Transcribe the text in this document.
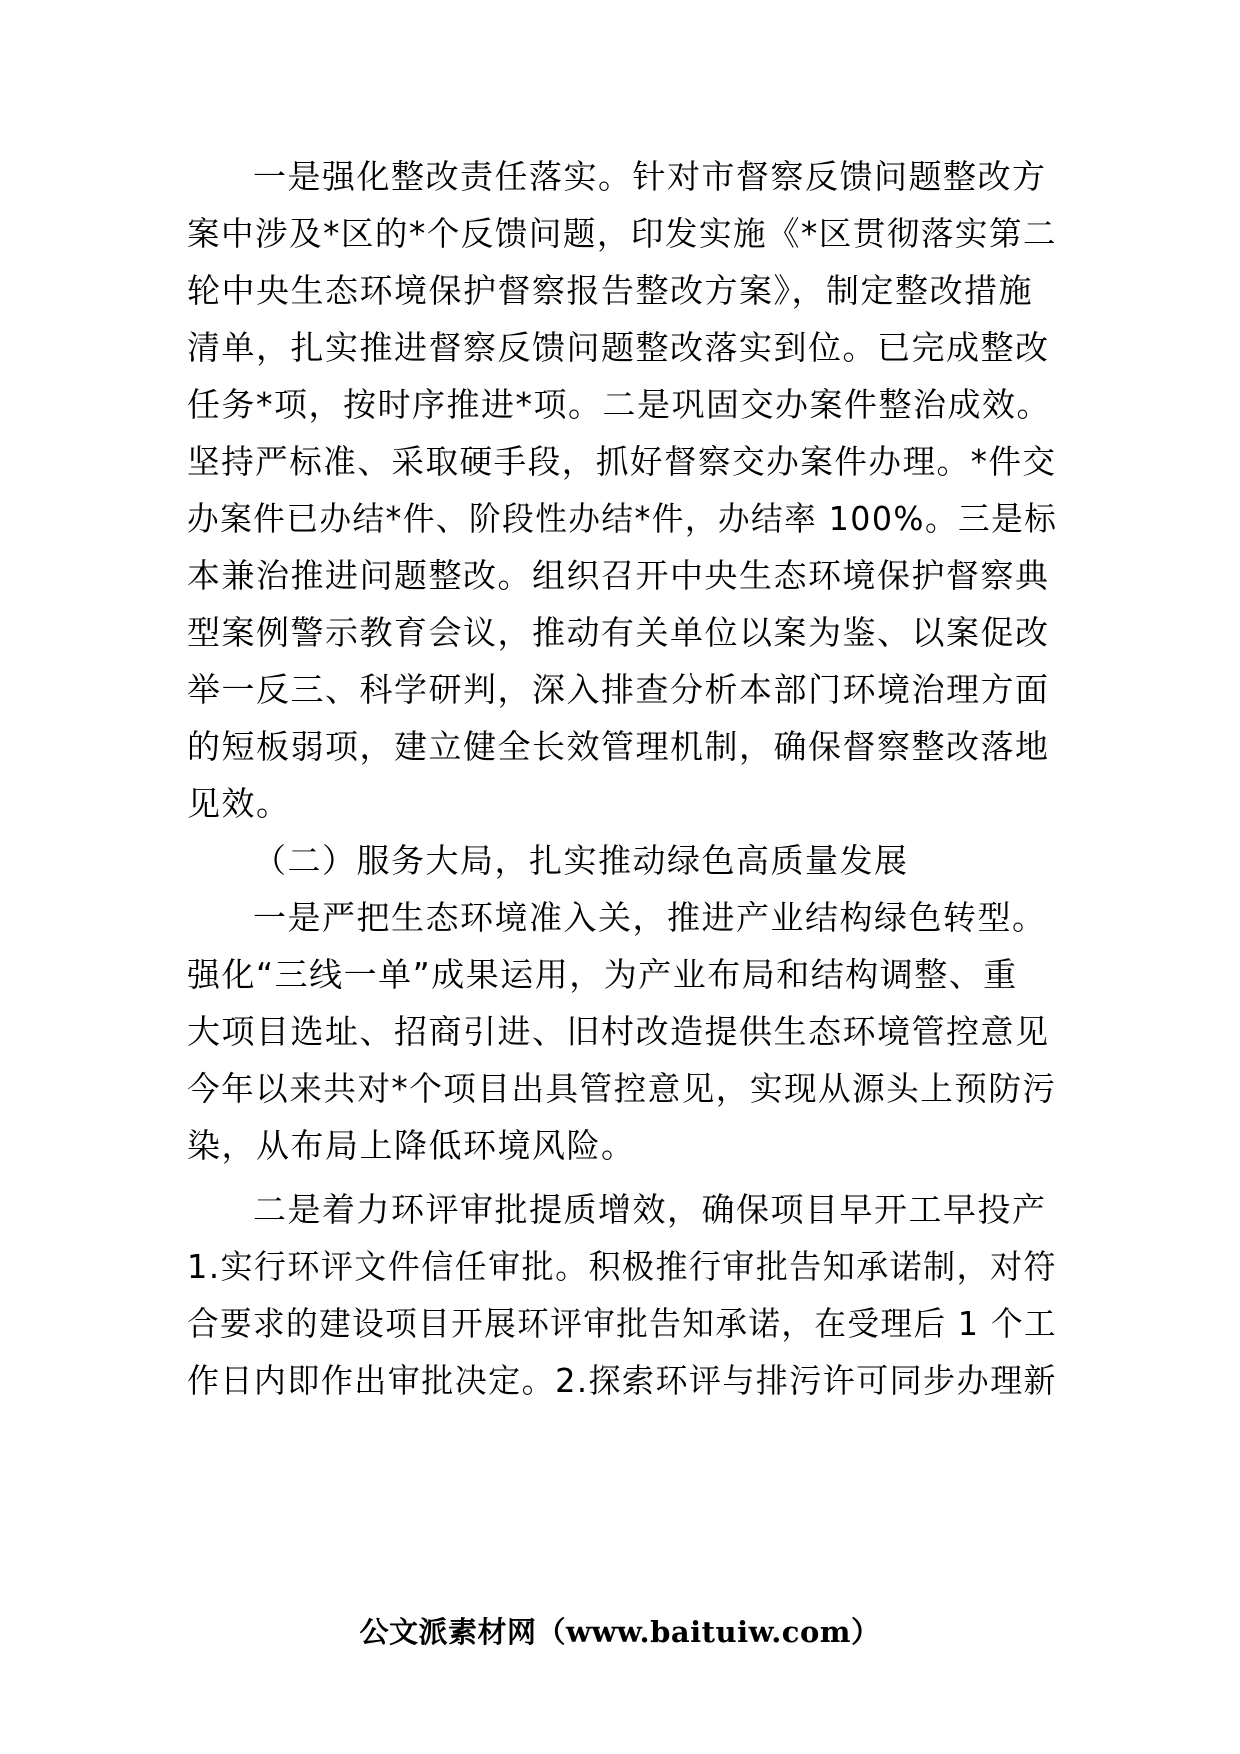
一是强化整改责任落实。针对市督察反馈问题整改方
案中涉及*区的*个反馈问题，印发实施《*区贯彻落实第二
轮中央生态环境保护督察报告整改方案》，制定整改措施
清单，扎实推进督察反馈问题整改落实到位。已完成整改
任务*项，按时序推进*项。二是巩固交办案件整治成效。
坚持严标准、采取硬手段，抓好督察交办案件办理。*件交
办案件已办结*件、阶段性办结*件，办结率 100%。三是标
本兼治推进问题整改。组织召开中央生态环境保护督察典
型案例警示教育会议，推动有关单位以案为鉴、以案促改
举一反三、科学研判，深入排查分析本部门环境治理方面
的短板弱项，建立健全长效管理机制，确保督察整改落地
见效。
（二）服务大局，扎实推动绿色高质量发展
一是严把生态环境准入关，推进产业结构绿色转型。
强化“三线一单”成果运用，为产业布局和结构调整、重
大项目选址、招商引进、旧村改造提供生态环境管控意见
今年以来共对*个项目出具管控意见，实现从源头上预防污
染，从布局上降低环境风险。
二是着力环评审批提质增效，确保项目早开工早投产
1.实行环评文件信任审批。积极推行审批告知承诺制，对符
合要求的建设项目开展环评审批告知承诺，在受理后 1 个工
作日内即作出审批决定。2.探索环评与排污许可同步办理新
公文派素材网（www.baituiw.com）
